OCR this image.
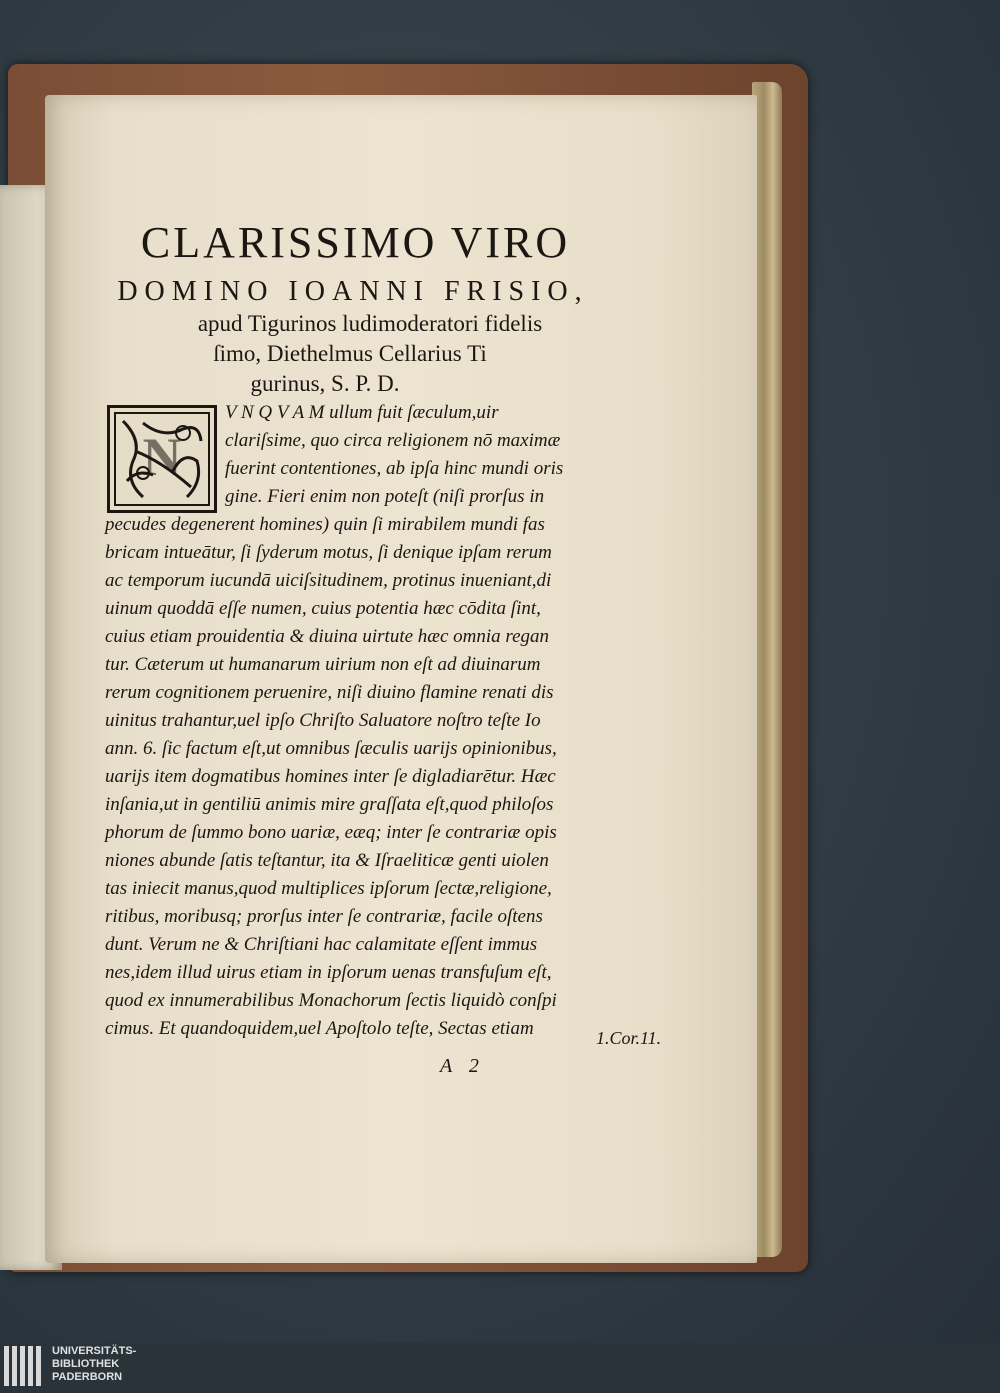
CLARISSIMO VIRO
DOMINO IOANNI FRISIO,
apud Tigurinos ludimoderatori fidelis
ſimo, Diethelmus Cellarius Ti
gurinus, S. P. D.
N
V N Q V A M ullum fuit ſæculum,uir
clariſsime, quo circa religionem nō maximæ
fuerint contentiones, ab ipſa hinc mundi oris
gine. Fieri enim non poteſt (niſi prorſus in
pecudes degenerent homines) quin ſi mirabilem mundi fas
bricam intueātur, ſi ſyderum motus, ſi denique ipſam rerum
ac temporum iucundā uiciſsitudinem, protinus inueniant,di
uinum quoddā eſſe numen, cuius potentia hæc cōdita ſint,
cuius etiam prouidentia & diuina uirtute hæc omnia regan
tur. Cæterum ut humanarum uirium non eſt ad diuinarum
rerum cognitionem peruenire, niſi diuino flamine renati dis
uinitus trahantur,uel ipſo Chriſto Saluatore noſtro teſte Io
ann. 6. ſic factum eſt,ut omnibus ſæculis uarijs opinionibus,
uarijs item dogmatibus homines inter ſe digladiarētur. Hæc
inſania,ut in gentiliū animis mire graſſata eſt,quod philoſos
phorum de ſummo bono uariæ, eæq; inter ſe contrariæ opis
niones abunde ſatis teſtantur, ita & Iſraeliticæ genti uiolen
tas iniecit manus,quod multiplices ipſorum ſectæ,religione,
ritibus, moribusq; prorſus inter ſe contrariæ, facile oſtens
dunt. Verum ne & Chriſtiani hac calamitate eſſent immus
nes,idem illud uirus etiam in ipſorum uenas transfuſum eſt,
quod ex innumerabilibus Monachorum ſectis liquidò conſpi
cimus. Et quandoquidem,uel Apoſtolo teſte, Sectas etiam	1.Cor.11.
A 2
UNIVERSITÄTS-
BIBLIOTHEK
PADERBORN
